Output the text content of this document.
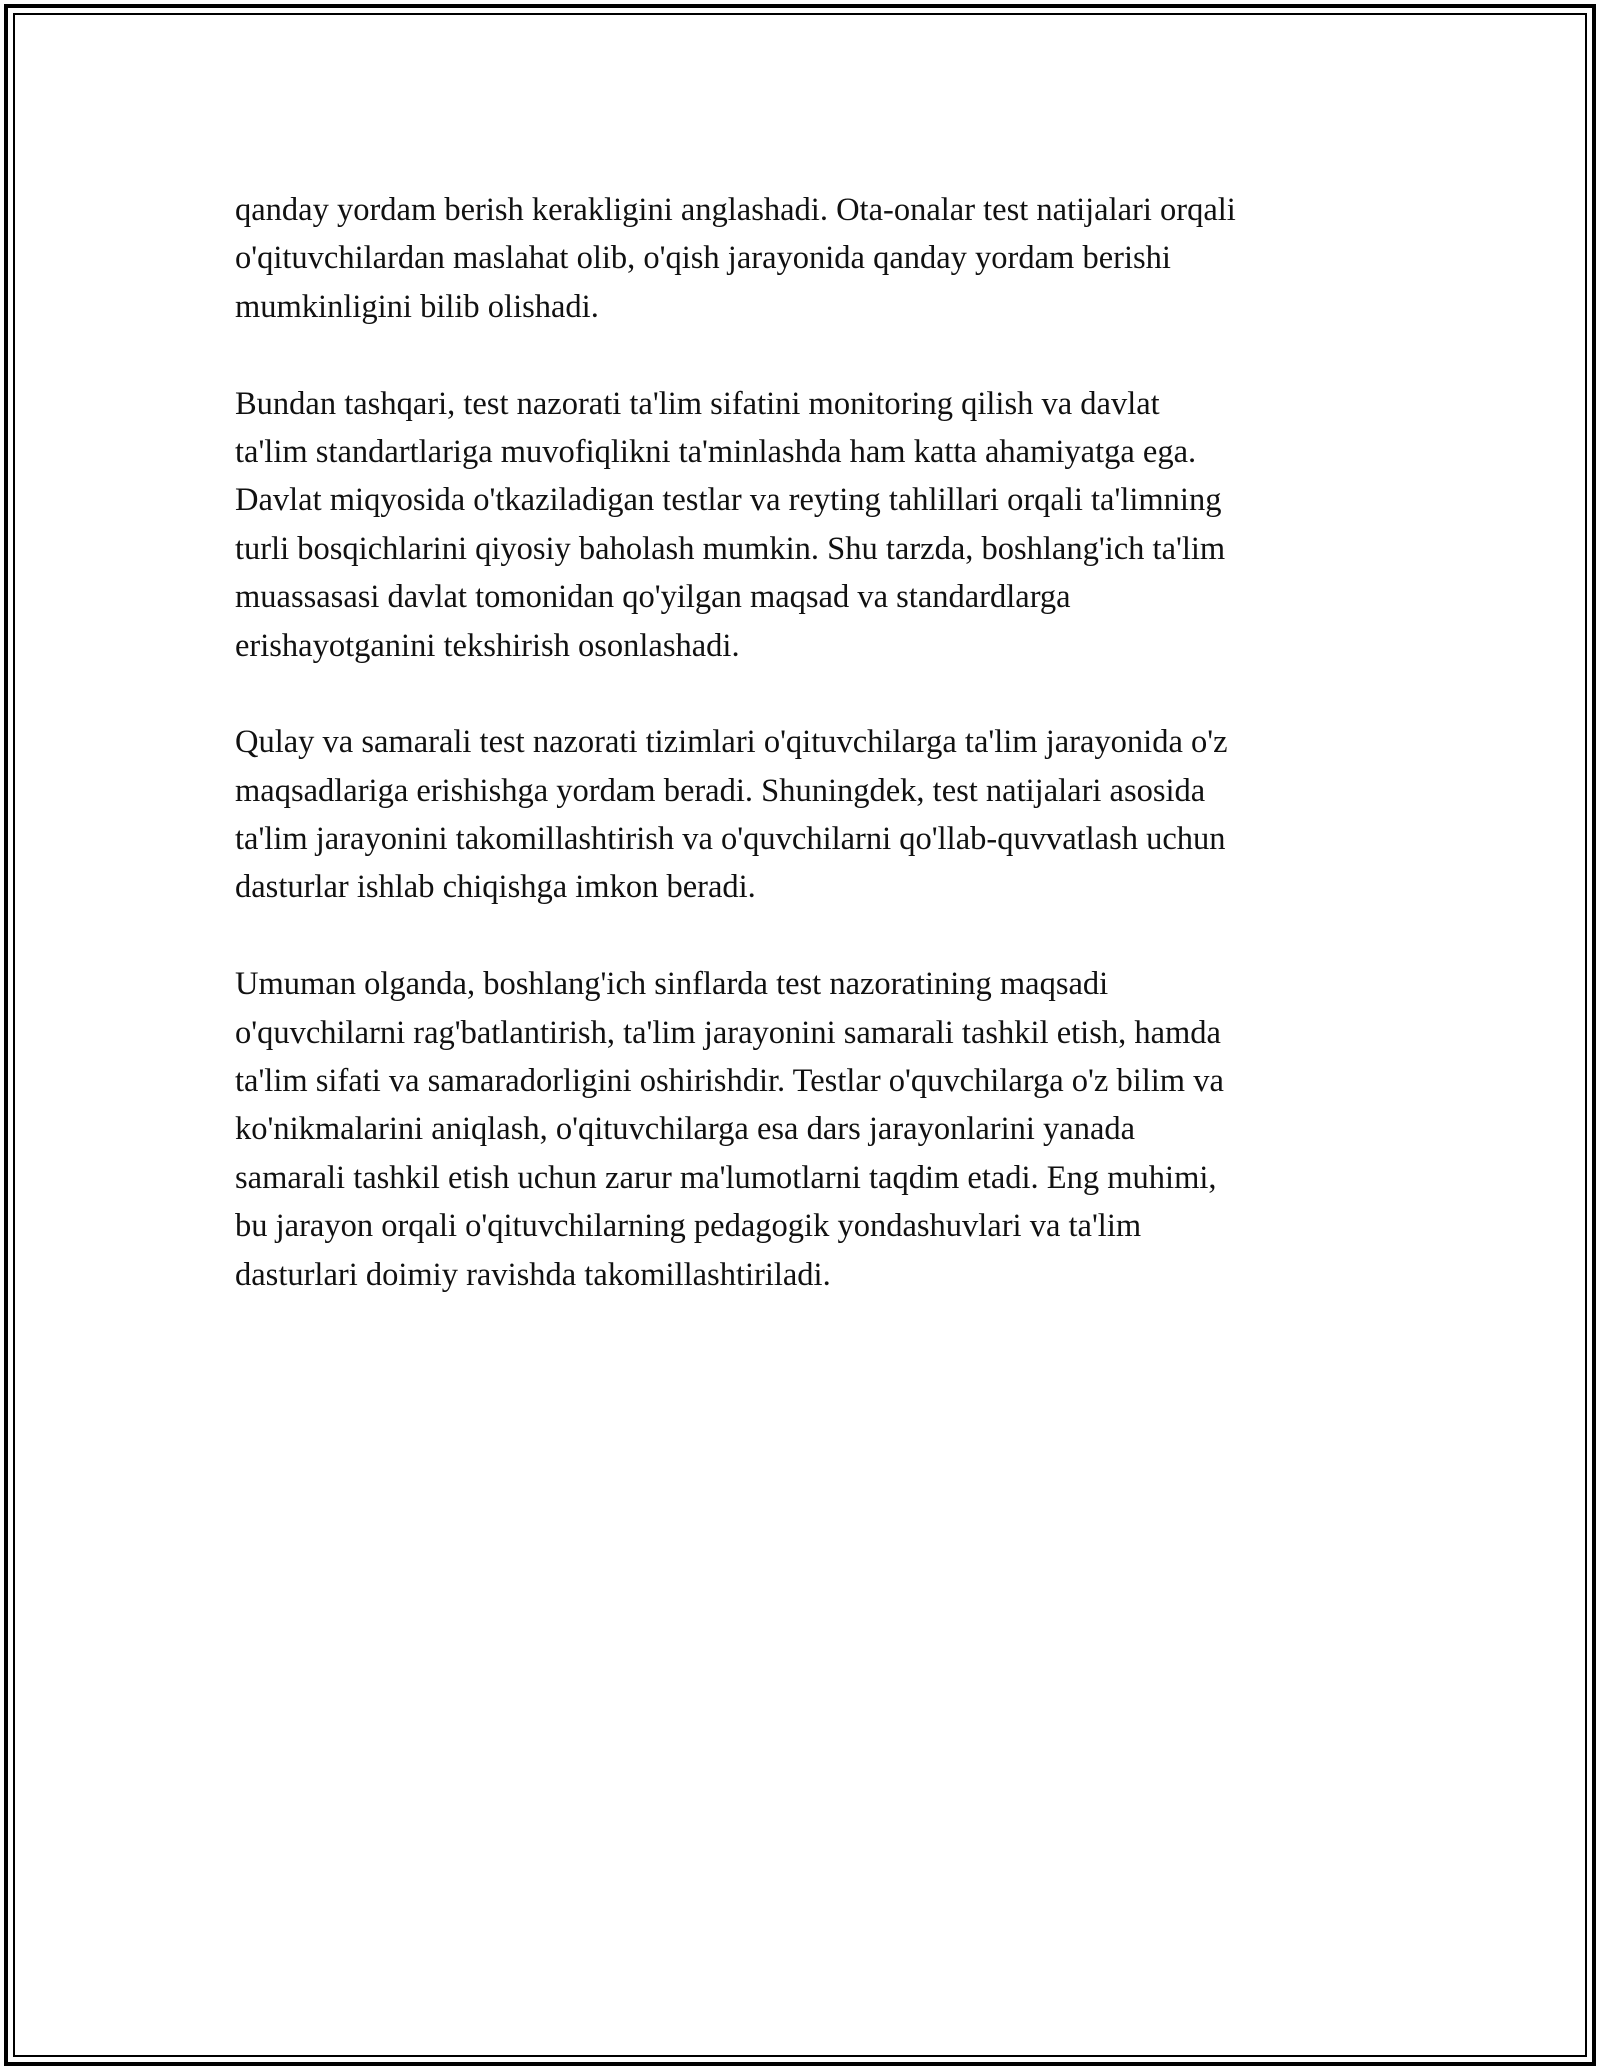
qanday yordam berish kerakligini anglashadi. Ota-onalar test natijalari orqali
o'qituvchilardan maslahat olib, o'qish jarayonida qanday yordam berishi
mumkinligini bilib olishadi.
Bundan tashqari, test nazorati ta'lim sifatini monitoring qilish va davlat
ta'lim standartlariga muvofiqlikni ta'minlashda ham katta ahamiyatga ega.
Davlat miqyosida o'tkaziladigan testlar va reyting tahlillari orqali ta'limning
turli bosqichlarini qiyosiy baholash mumkin. Shu tarzda, boshlang'ich ta'lim
muassasasi davlat tomonidan qo'yilgan maqsad va standardlarga
erishayotganini tekshirish osonlashadi.
Qulay va samarali test nazorati tizimlari o'qituvchilarga ta'lim jarayonida o'z
maqsadlariga erishishga yordam beradi. Shuningdek, test natijalari asosida
ta'lim jarayonini takomillashtirish va o'quvchilarni qo'llab-quvvatlash uchun
dasturlar ishlab chiqishga imkon beradi.
Umuman olganda, boshlang'ich sinflarda test nazoratining maqsadi
o'quvchilarni rag'batlantirish, ta'lim jarayonini samarali tashkil etish, hamda
ta'lim sifati va samaradorligini oshirishdir. Testlar o'quvchilarga o'z bilim va
ko'nikmalarini aniqlash, o'qituvchilarga esa dars jarayonlarini yanada
samarali tashkil etish uchun zarur ma'lumotlarni taqdim etadi. Eng muhimi,
bu jarayon orqali o'qituvchilarning pedagogik yondashuvlari va ta'lim
dasturlari doimiy ravishda takomillashtiriladi.
